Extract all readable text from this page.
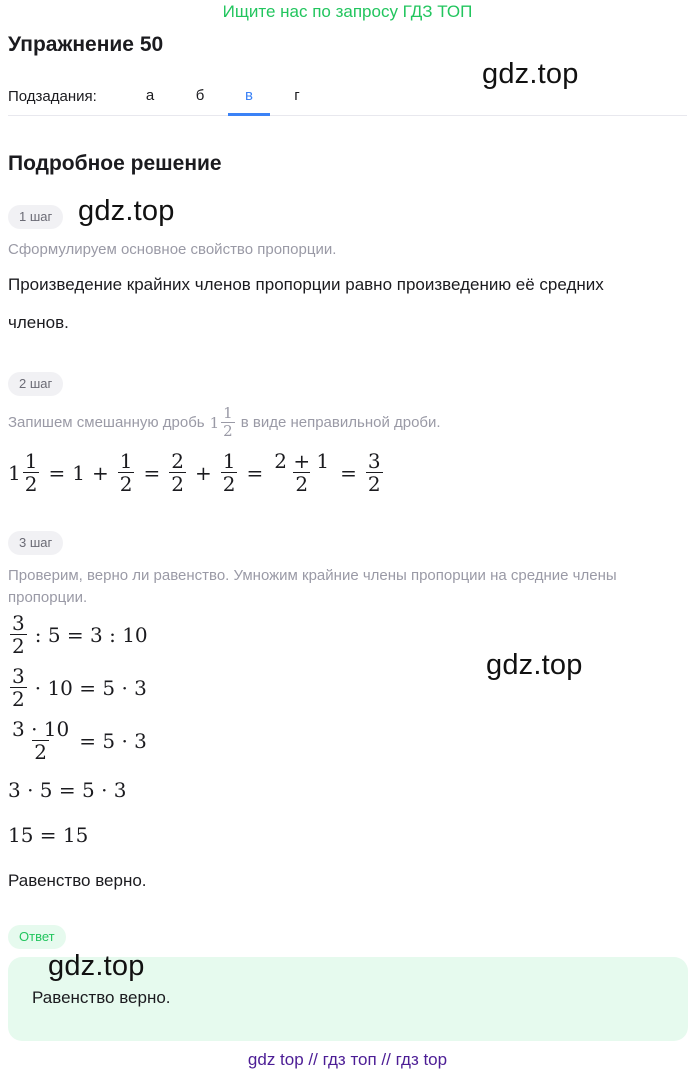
Ищите нас по запросу ГДЗ ТОП
Упражнение 50
gdz.top
Подзадания:	а	б	в	г
Подробное решение
1 шаг gdz.top
Сформулируем основное свойство пропорции.
Произведение крайних членов пропорции равно произведению её средних
членов.
2 шаг
Запишем смешанную дробь $1 \frac{1}{2}$ в виде неправильной дроби.
$1 \frac{1}{2} = 1 + \frac{1}{2} = \frac{2}{2} + \frac{1}{2} = \frac{2 + 1}{2} = \frac{3}{2}$
3 шаг
Проверим, верно ли равенство. Умножим крайние члены пропорции на средние члены
пропорции.
$\frac{3}{2}$ : 5 = 3 : 10
gdz.top
$\frac{3}{2} \cdot 10 = 5 \cdot 3$
$\frac{3 \cdot 10}{2} = 5 \cdot 3$
3 · 5 = 5 · 3
15 = 15
Равенство верно.
Ответ
gdz.top
Равенство верно.
gdz top // гдз топ // гдз top
